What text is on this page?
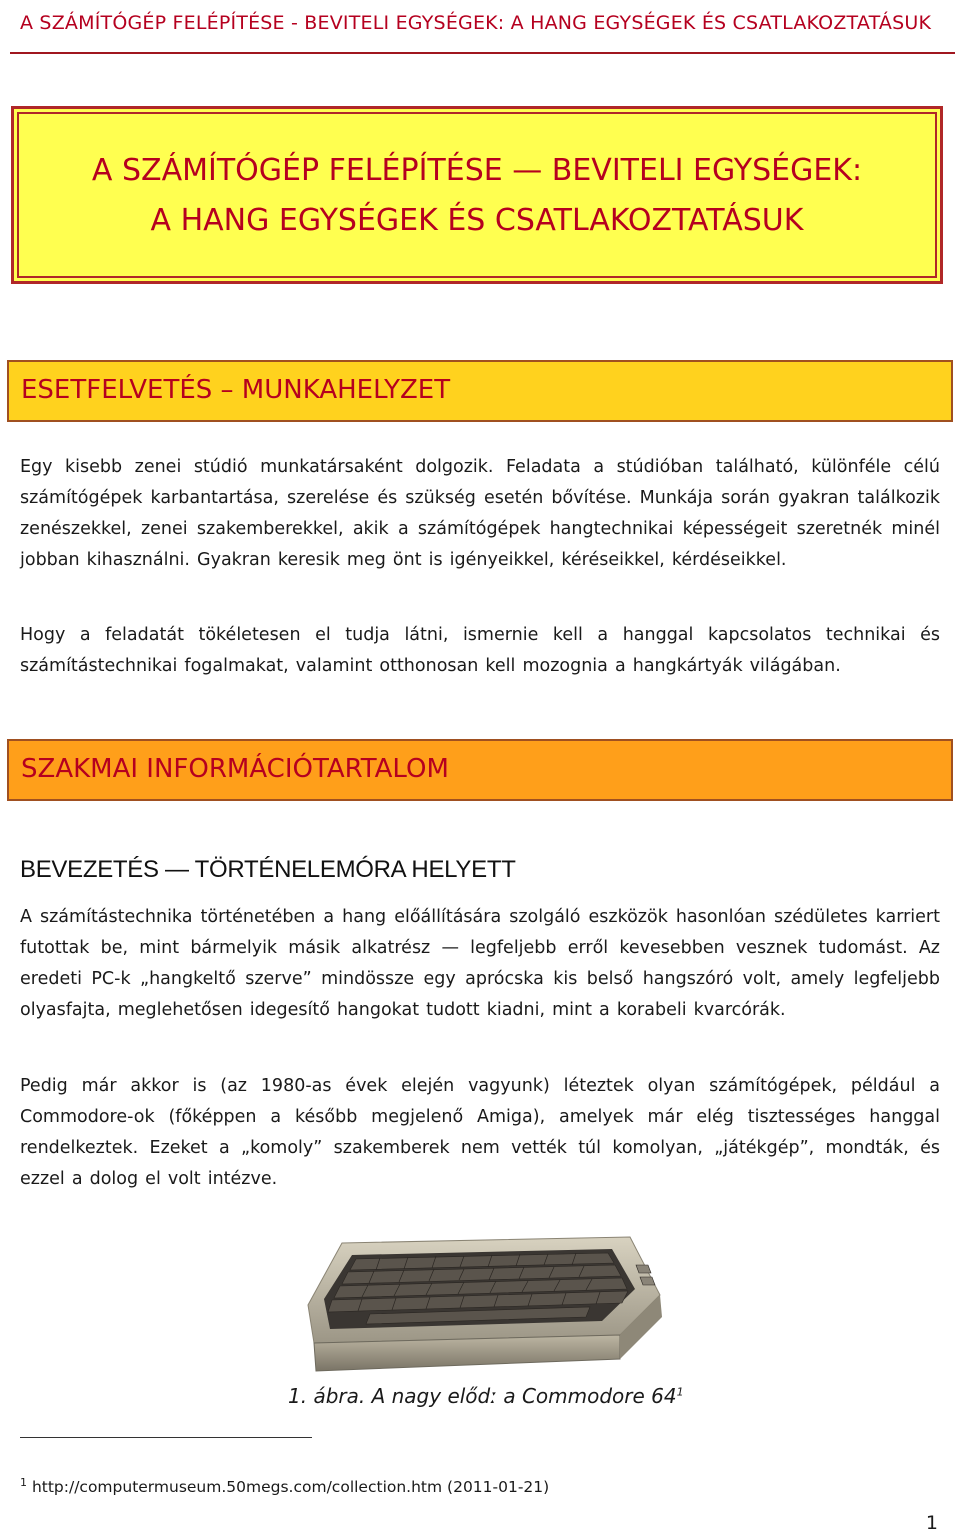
A SZÁMÍTÓGÉP FELÉPÍTÉSE - BEVITELI EGYSÉGEK: A HANG EGYSÉGEK ÉS CSATLAKOZTATÁSUK
A SZÁMÍTÓGÉP FELÉPÍTÉSE — BEVITELI EGYSÉGEK:
A HANG EGYSÉGEK ÉS CSATLAKOZTATÁSUK
ESETFELVETÉS – MUNKAHELYZET

Egy kisebb zenei stúdió munkatársaként dolgozik. Feladata a stúdióban található, különféle célú számítógépek karbantartása, szerelése és szükség esetén bővítése. Munkája során gyakran találkozik zenészekkel, zenei szakemberekkel, akik a számítógépek hangtechnikai képességeit szeretnék minél jobban kihasználni. Gyakran keresik meg önt is igényeikkel, kéréseikkel, kérdéseikkel.

Hogy a feladatát tökéletesen el tudja látni, ismernie kell a hanggal kapcsolatos technikai és számítástechnikai fogalmakat, valamint otthonosan kell mozognia a hangkártyák világában.

SZAKMAI INFORMÁCIÓTARTALOM
BEVEZETÉS — TÖRTÉNELEMÓRA HELYETT

A számítástechnika történetében a hang előállítására szolgáló eszközök hasonlóan szédületes karriert futottak be, mint bármelyik másik alkatrész — legfeljebb erről kevesebben vesznek tudomást. Az eredeti PC-k „hangkeltő szerve” mindössze egy aprócska kis belső hangszóró volt, amely legfeljebb olyasfajta, meglehetősen idegesítő hangokat tudott kiadni, mint a korabeli kvarcórák.

Pedig már akkor is (az 1980-as évek elején vagyunk) léteztek olyan számítógépek, például a Commodore-ok (főképpen a később megjelenő Amiga), amelyek már elég tisztességes hanggal rendelkeztek. Ezeket a „komoly” szakemberek nem vették túl komolyan, „játékgép”, mondták, és ezzel a dolog el volt intézve.

1. ábra. A nagy elődː a Commodore $64^1$
$^1$ http://computermuseum.50megs.com/collection.htm (2011-01-21)
1
